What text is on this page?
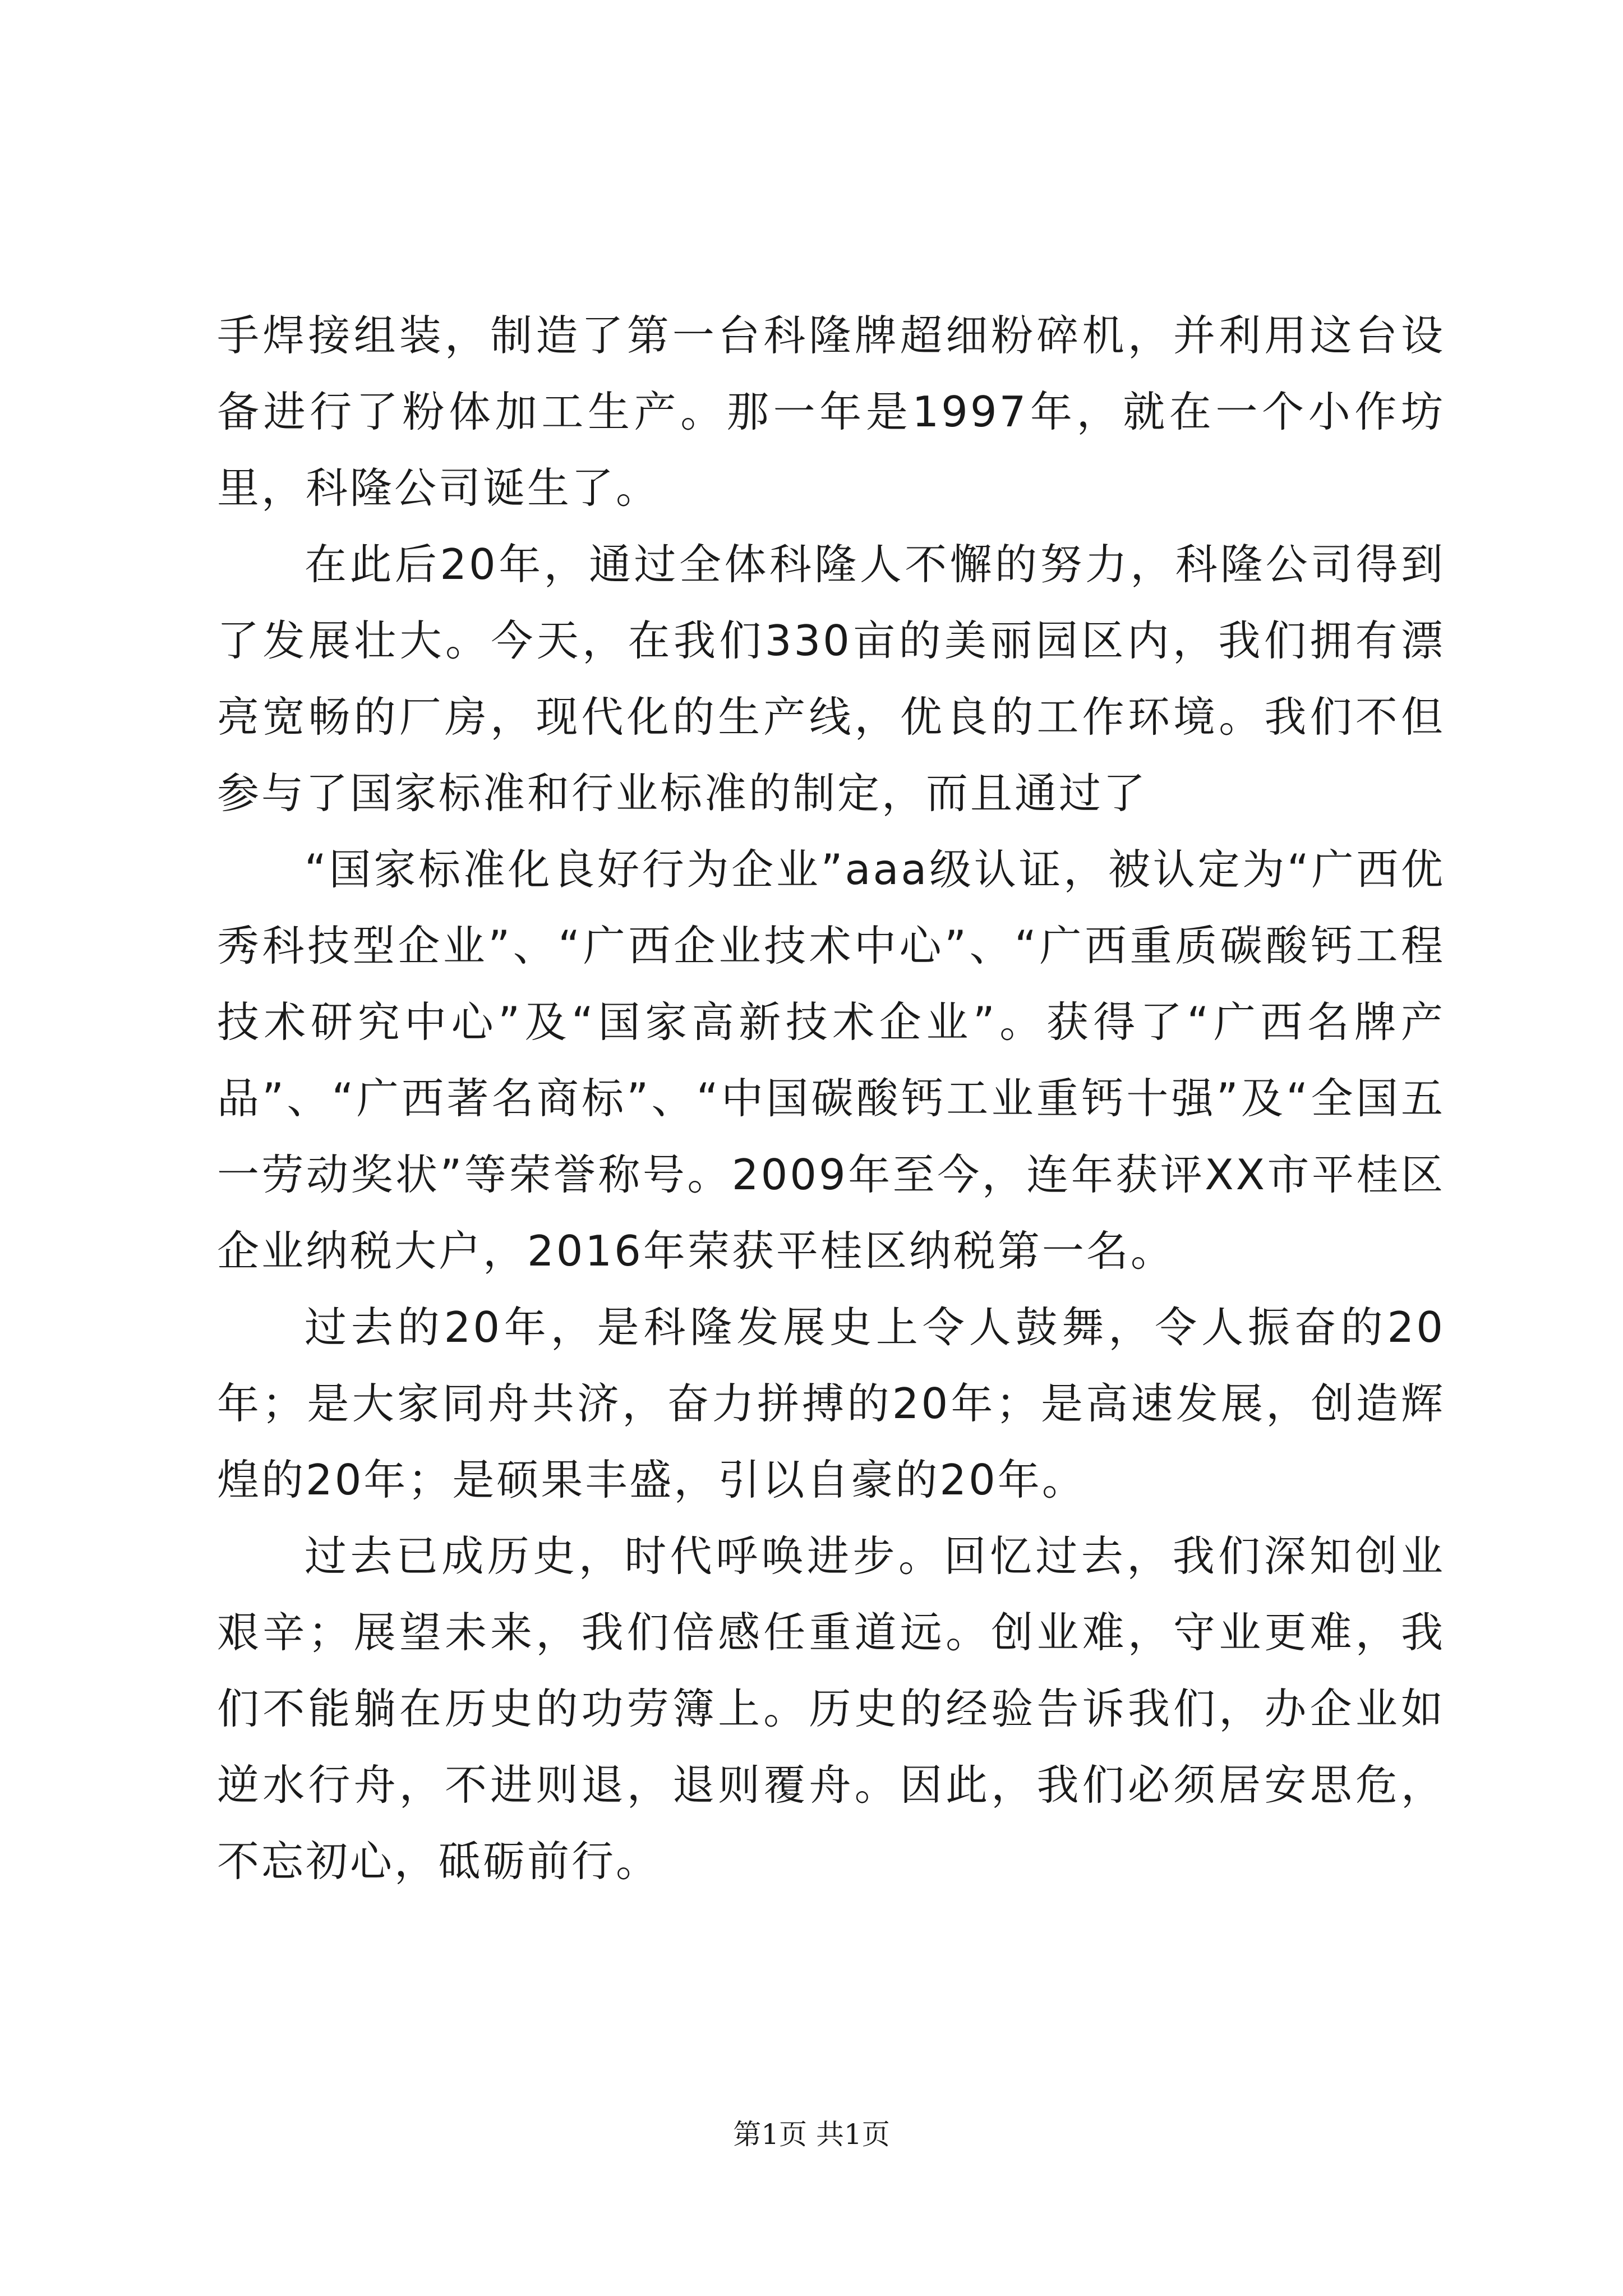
手焊接组装，制造了第一台科隆牌超细粉碎机，并利用这台设备进行了粉体加工生产。那一年是1997年，就在一个小作坊里，科隆公司诞生了。

在此后20年，通过全体科隆人不懈的努力，科隆公司得到了发展壮大。今天，在我们330亩的美丽园区内，我们拥有漂亮宽畅的厂房，现代化的生产线，优良的工作环境。我们不但参与了国家标准和行业标准的制定，而且通过了

“国家标准化良好行为企业”aaa级认证，被认定为“广西优秀科技型企业”、“广西企业技术中心”、“广西重质碳酸钙工程技术研究中心”及“国家高新技术企业”。获得了“广西名牌产品”、“广西著名商标”、“中国碳酸钙工业重钙十强”及“全国五一劳动奖状”等荣誉称号。2009年至今，连年获评XX市平桂区企业纳税大户，2016年荣获平桂区纳税第一名。

过去的20年，是科隆发展史上令人鼓舞，令人振奋的20年；是大家同舟共济，奋力拼搏的20年；是高速发展，创造辉煌的20年；是硕果丰盛，引以自豪的20年。

过去已成历史，时代呼唤进步。回忆过去，我们深知创业艰辛；展望未来，我们倍感任重道远。创业难，守业更难，我们不能躺在历史的功劳簿上。历史的经验告诉我们，办企业如逆水行舟，不进则退，退则覆舟。因此，我们必须居安思危，不忘初心，砥砺前行。

第1页 共1页
